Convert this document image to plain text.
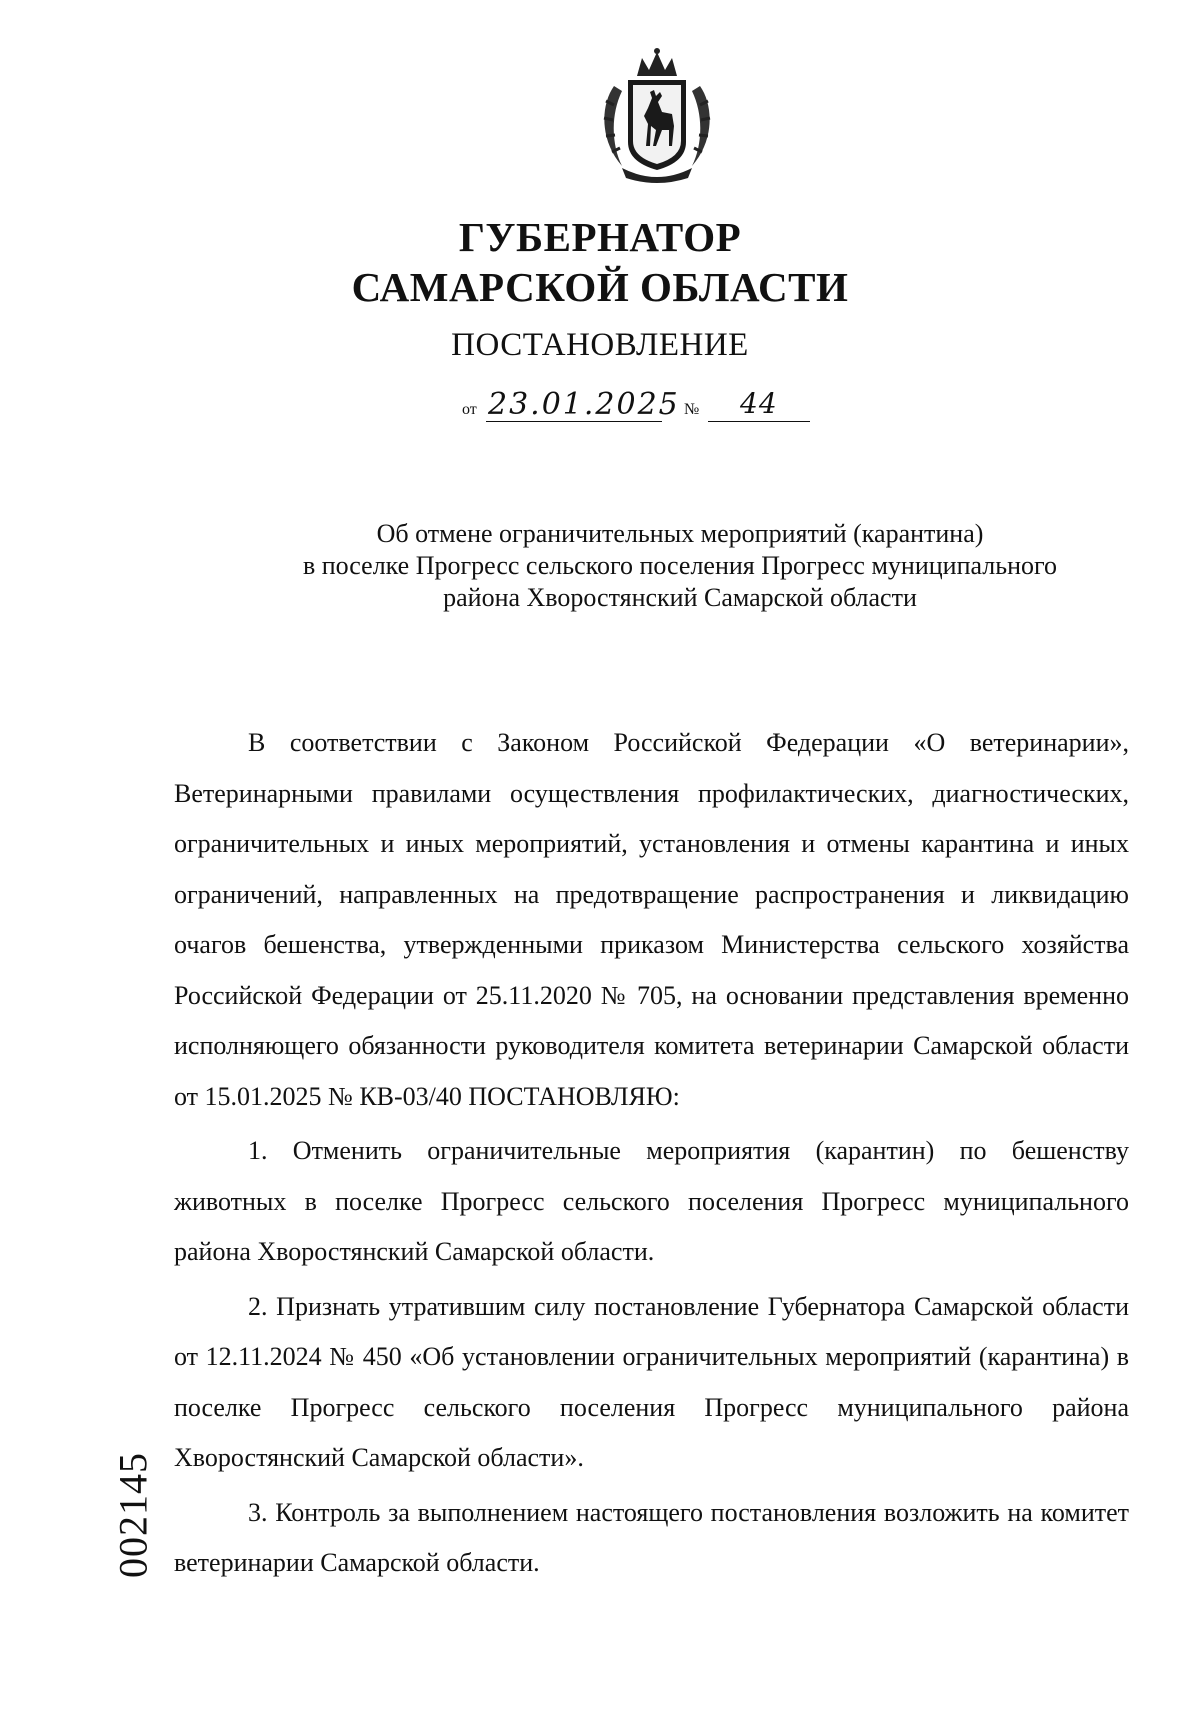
ГУБЕРНАТОР
САМАРСКОЙ ОБЛАСТИ
ПОСТАНОВЛЕНИЕ
от 23.01.2025 № 44
Об отмене ограничительных мероприятий (карантина)
в поселке Прогресс сельского поселения Прогресс муниципального
района Хворостянский Самарской области

В соответствии с Законом Российской Федерации «О ветеринарии», Ветеринарными правилами осуществления профилактических, диагностических, ограничительных и иных мероприятий, установления и отмены карантина и иных ограничений, направленных на предотвращение распространения и ликвидацию очагов бешенства, утвержденными приказом Министерства сельского хозяйства Российской Федерации от 25.11.2020 № 705, на основании представления временно исполняющего обязанности руководителя комитета ветеринарии Самарской области от 15.01.2025 № КВ-03/40 ПОСТАНОВЛЯЮ:

1. Отменить ограничительные мероприятия (карантин) по бешенству животных в поселке Прогресс сельского поселения Прогресс муниципального района Хворостянский Самарской области.

2. Признать утратившим силу постановление Губернатора Самарской области от 12.11.2024 № 450 «Об установлении ограничительных мероприятий (карантина) в поселке Прогресс сельского поселения Прогресс муниципального района Хворостянский Самарской области».

3. Контроль за выполнением настоящего постановления возложить на комитет ветеринарии Самарской области.

002145
